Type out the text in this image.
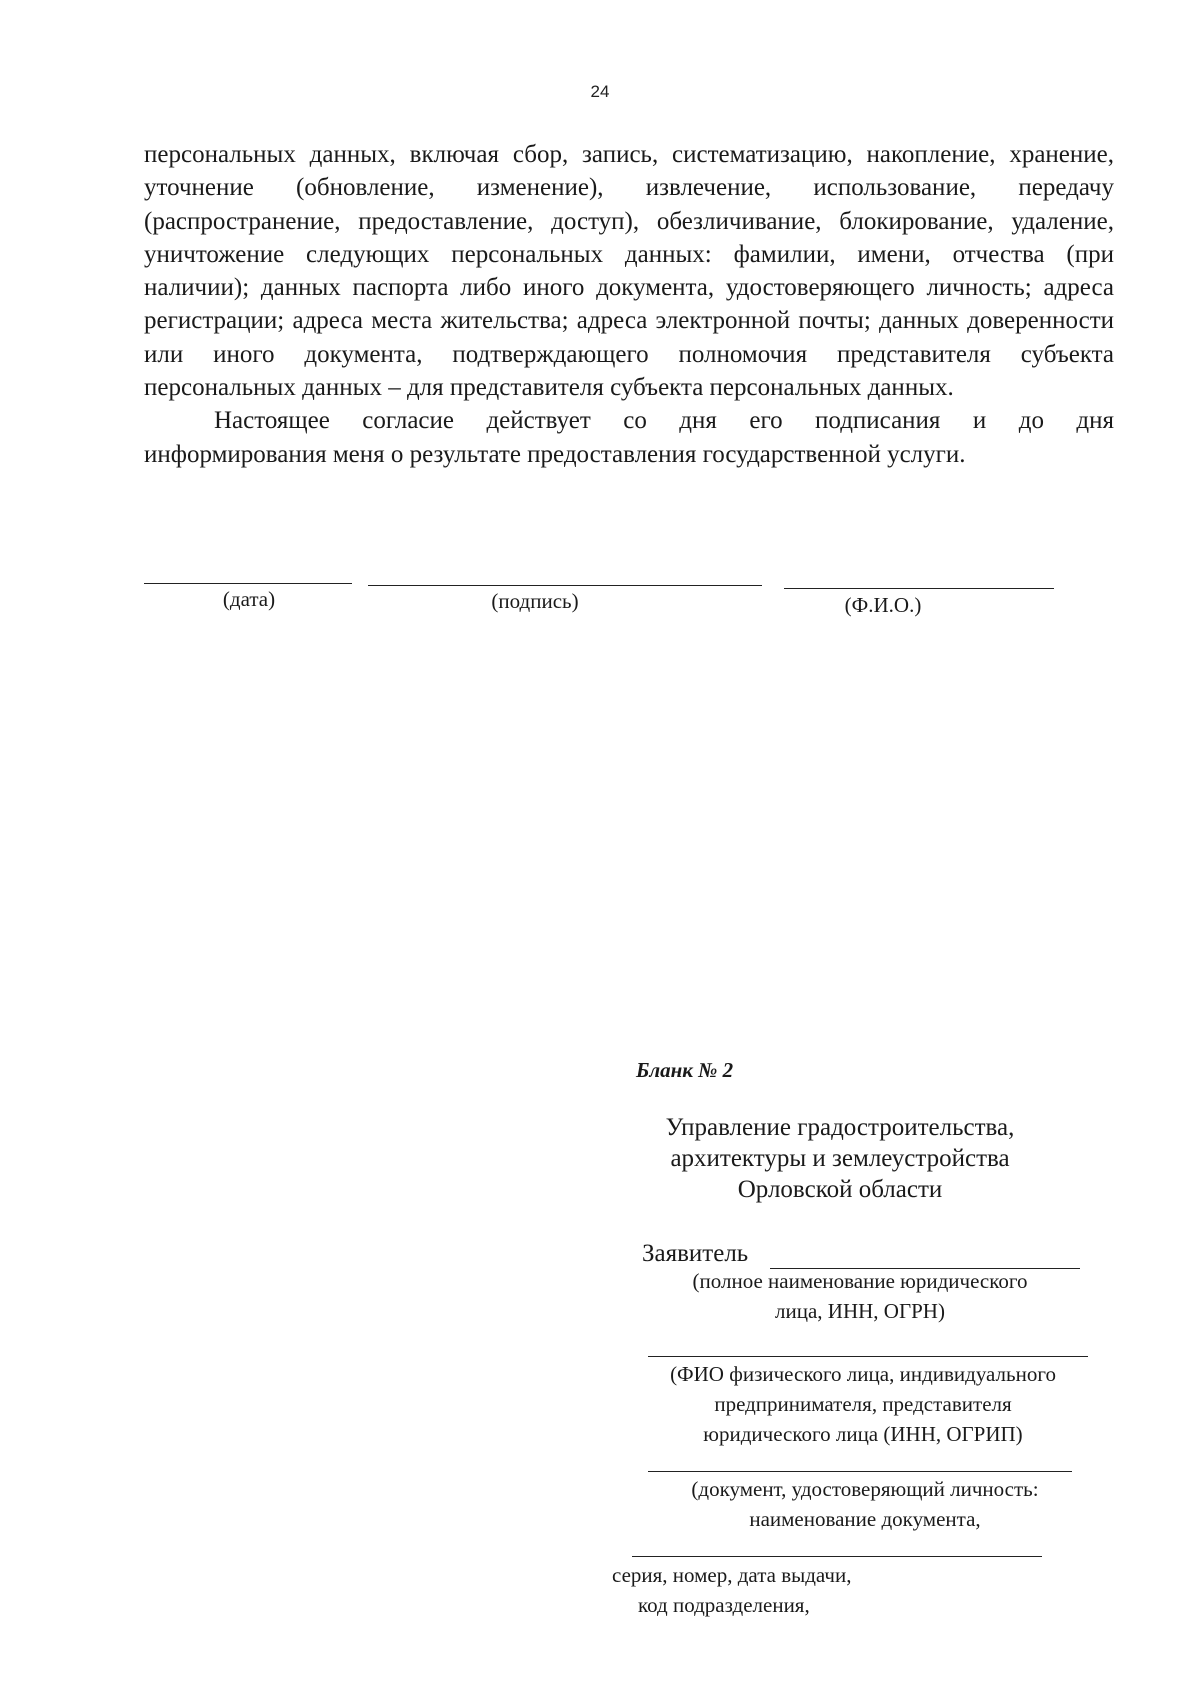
24

персональных данных, включая сбор, запись, систематизацию, накопление, хранение, уточнение (обновление, изменение), извлечение, использование, передачу (распространение, предоставление, доступ), обезличивание, блокирование, удаление, уничтожение следующих персональных данных: фамилии, имени, отчества (при наличии); данных паспорта либо иного документа, удостоверяющего личность; адреса регистрации; адреса места жительства; адреса электронной почты; данных доверенности или иного документа, подтверждающего полномочия представителя субъекта

персональных данных – для представителя субъекта персональных данных.

Настоящее согласие действует со дня его подписания и до дня

информирования меня о результате предоставления государственной услуги.

(дата)	(подпись)	(Ф.И.О.)
Бланк № 2
Управление градостроительства,
архитектуры и землеустройства
Орловской области
Заявитель
(полное наименование юридического
лица, ИНН, ОГРН)
(ФИО физического лица, индивидуального
предпринимателя, представителя
юридического лица (ИНН, ОГРИП)
(документ, удостоверяющий личность:
наименование документа,
серия, номер, дата выдачи,
код подразделения,
